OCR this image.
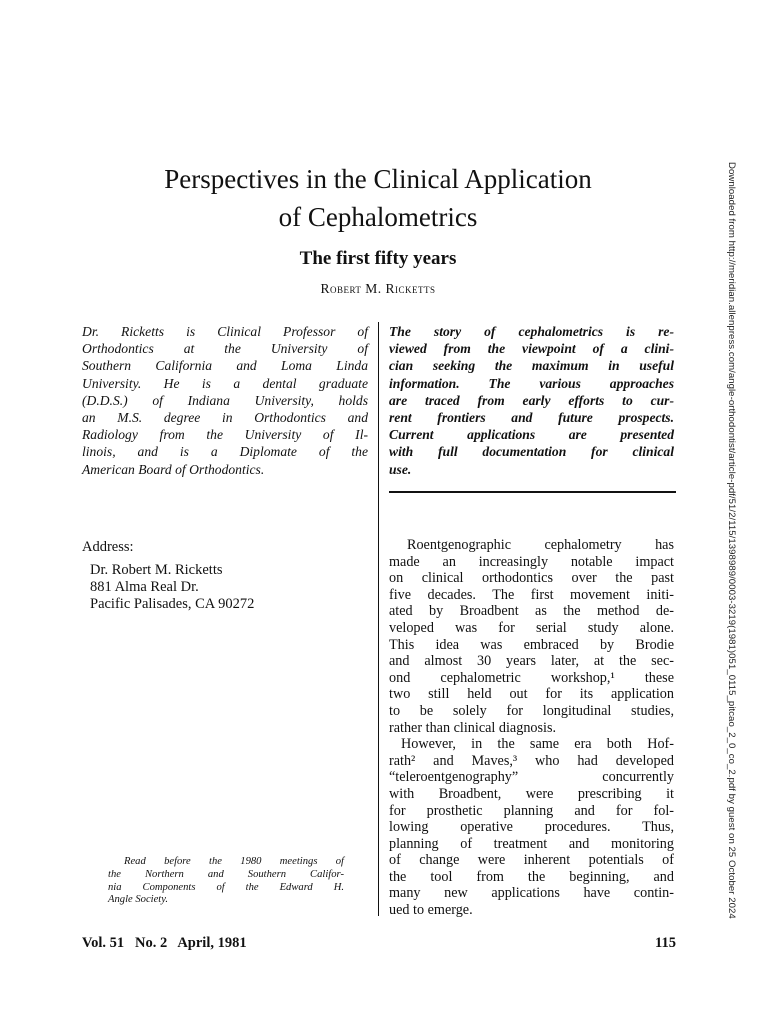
Perspectives in the Clinical Application
of Cephalometrics
The first fifty years
Robert M. Ricketts
Dr. Ricketts is Clinical Professor of
Orthodontics at the University of
Southern California and Loma Linda
University. He is a dental graduate
(D.D.S.) of Indiana University, holds
an M.S. degree in Orthodontics and
Radiology from the University of Il-
linois, and is a Diplomate of the
American Board of Orthodontics.
The story of cephalometrics is re-
viewed from the viewpoint of a clini-
cian seeking the maximum in useful
information. The various approaches
are traced from early efforts to cur-
rent frontiers and future prospects.
Current applications are presented
with full documentation for clinical
use.
Address:
Dr. Robert M. Ricketts
881 Alma Real Dr.
Pacific Palisades, CA 90272
Roentgenographic cephalometry has
made an increasingly notable impact
on clinical orthodontics over the past
five decades. The first movement initi-
ated by Broadbent as the method de-
veloped was for serial study alone.
This idea was embraced by Brodie
and almost 30 years later, at the sec-
ond cephalometric workshop,¹ these
two still held out for its application
to be solely for longitudinal studies,
rather than clinical diagnosis.
However, in the same era both Hof-
rath² and Maves,³ who had developed
“teleroentgenography” concurrently
with Broadbent, were prescribing it
for prosthetic planning and for fol-
lowing operative procedures. Thus,
planning of treatment and monitoring
of change were inherent potentials of
the tool from the beginning, and
many new applications have contin-
ued to emerge.
Read before the 1980 meetings of
the Northern and Southern Califor-
nia Components of the Edward H.
Angle Society.
Vol. 51   No. 2   April, 1981	115
Downloaded from http://meridian.allenpress.com/angle-orthodontist/article-pdf/51/2/115/1398989/0003-3219(1981)051_0115_pitcao_2_0_co_2.pdf by guest on 25 October 2024
